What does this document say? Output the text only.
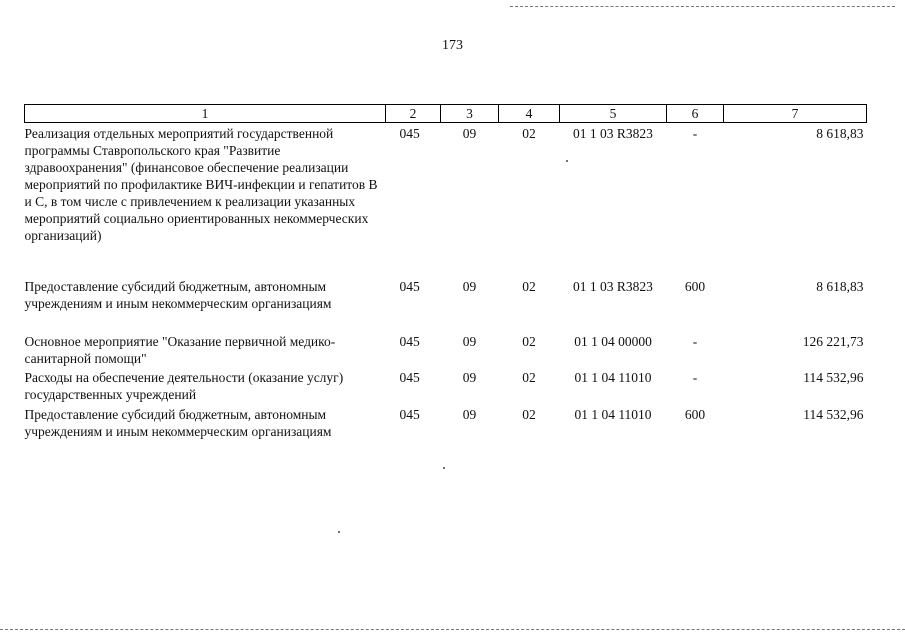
173
1	2	3	4	5	6	7
Реализация отдельных мероприятий государственной программы Ставропольского края "Развитие здравоохранения" (финансовое обеспечение реализации мероприятий по профилактике ВИЧ-инфекции и гепатитов B и C, в том числе с привлечением к реализации указанных мероприятий социально ориентированных некоммерческих организаций)	045	09	02	01 1 03 R3823	-	8 618,83
Предоставление субсидий бюджетным, автономным учреждениям и иным некоммерческим организациям	045	09	02	01 1 03 R3823	600	8 618,83
Основное мероприятие "Оказание первичной медико-санитарной помощи"	045	09	02	01 1 04 00000	-	126 221,73
Расходы на обеспечение деятельности (оказание услуг) государственных учреждений	045	09	02	01 1 04 11010	-	114 532,96
Предоставление субсидий бюджетным, автономным учреждениям и иным некоммерческим организациям	045	09	02	01 1 04 11010	600	114 532,96
